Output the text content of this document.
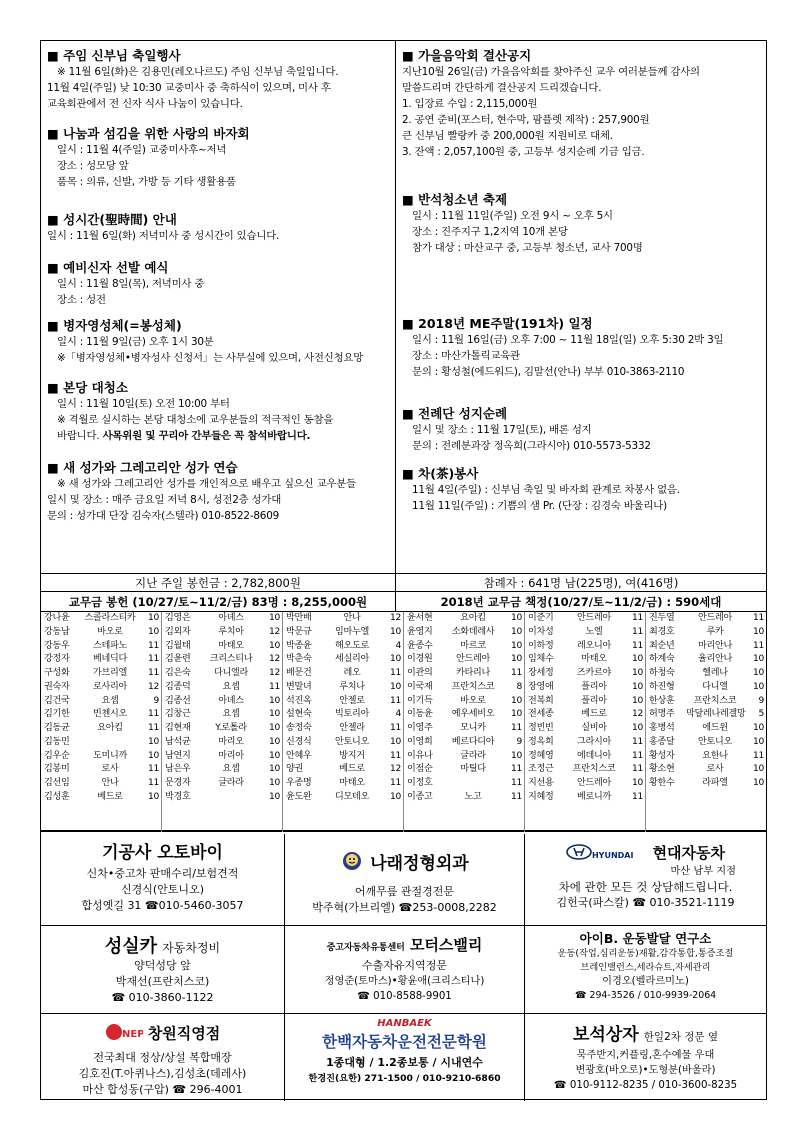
■ 주임 신부님 축일행사

※ 11월 6일(화)은 김용민(레오나르도) 주임 신부님 축일입니다.

11월 4일(주일) 낮 10:30 교중미사 중 축하식이 있으며, 미사 후

교육회관에서 전 신자 식사 나눔이 있습니다.

■ 나눔과 섬김을 위한 사랑의 바자회

일시 : 11월 4(주일) 교중미사후~저녁

장소 : 성모당 앞

품목 : 의류, 신발, 가방 등 기타 생활용품

■ 성시간(聖時間) 안내

일시 : 11월 6일(화) 저녁미사 중 성시간이 있습니다.

■ 예비신자 선발 예식

일시 : 11월 8일(목), 저녁미사 중

장소 : 성전

■ 병자영성체(=봉성체)

일시 : 11월 9일(금) 오후 1시 30분

※「병자영성체•병자성사 신청서」는 사무실에 있으며, 사전신청요망

■ 본당 대청소

일시 : 11월 10일(토) 오전 10:00 부터

※ 격월로 실시하는 본당 대청소에 교우분들의 적극적인 동참을

바랍니다. 사목위원 및 꾸리아 간부들은 꼭 참석바랍니다.

■ 새 성가와 그레고리안 성가 연습

※ 새 성가와 그레고리안 성가를 개인적으로 배우고 싶으신 교우분들

일시 및 장소 : 매주 금요일 저녁 8시, 성전2층 성가대

문의 : 성가대 단장 김숙자(스텔라) 010-8522-8609

■ 가을음악회 결산공지

지난10월 26일(금) 가을음악회를 찾아주신 교우 여러분들께 감사의

말씀드리며 간단하게 결산공지 드리겠습니다.

1. 입장료 수입 : 2,115,000원

2. 공연 준비(포스터, 현수막, 팜플렛 제작) : 257,900원

큰 신부님 빨랑카 중 200,000원 지원비로 대체.

3. 잔액 : 2,057,100원 중, 고등부 성지순례 기금 입금.

■ 반석청소년 축제

일시 : 11월 11일(주일) 오전 9시 ~ 오후 5시

장소 : 진주지구 1,2지역 10개 본당

참가 대상 : 마산교구 중, 고등부 청소년, 교사 700명

■ 2018년 ME주말(191차) 일정

일시 : 11월 16일(금) 오후 7:00 ~ 11월 18일(일) 오후 5:30 2박 3일

장소 : 마산가톨릭교육관

문의 : 황성철(에드워드), 김말선(안나) 부부 010-3863-2110

■ 전례단 성지순례

일시 및 장소 : 11월 17일(토), 배론 성지

문의 : 전례분과장 정옥희(그라시아) 010-5573-5332

■ 차(茶)봉사

11월 4일(주일) : 신부님 축일 및 바자회 관계로 차봉사 없음.

11월 11일(주일) : 기쁨의 샘 Pr. (단장 : 김경숙 바울리나)

지난 주일 봉헌금 : 2,782,800원	참례자 : 641명 남(225명), 여(416명)
교무금 봉헌 (10/27/토~11/2/금) 83명 : 8,255,000원	2018년 교무금 책정(10/27/토~11/2/금) : 590세대
강나윤	스콜라스티카	10
강동남	바오로	10
강동우	스테파노	11
강정자	베네딕다	11
구성화	가브리엘	11
권숙자	로사리아	12
김건국	요셉	9
김기한	빈첸시오	11
김동균	요아킴	11
김동민	10
김우순	도미니까	10
김봉미	로사	11
김선임	안나	11
김성훈	베드로	10
김영은	아녜스	10
김외자	루치아	12
김월태	마태오	10
김윤련	크리스티나	12
김은숙	다니엘라	12
김종덕	요셉	11
김종선	아녜스	10
김창근	요셉	10
김현재	Y.로톨라	10
남석균	마리오	10
남연지	마리아	10
남은우	요셉	10
문경자	글라라	10
박경호	10
박만배	안나	12
박문규	임마누엘	10
박종윤	해오도로	4
박춘숙	세실리아	10
배문건	레오	11
변말녀	루치나	10
석진옥	안젤로	11
설현숙	빅토리아	4
송정숙	안젤라	11
신경식	안토니오	10
안혜우	방지거	11
양권	베드로	12
우종명	마태오	11
윤도완	디모테오	10
윤서현	요아킴	10
윤영지	소화데레사	10
윤종수	마르코	10
이경원	안드레아	10
이관의	카타리나	11
이국재	프란치스코	8
이기득	바오로	10
이동윤	예우세비오	10
이영주	모니카	11
이영희	베르다디아	9
이유나	글라라	10
이점순	마틸다	11
이정호	11
이종고	노고	11
이준기	안드레아	11
이차성	노엘	11
이하정	레오니아	11
임채수	마태오	10
장세정	즈카르야	10
장영애	플리아	10
전복희	플리아	10
전세종	베드로	12
정빈빈	실비아	10
정옥희	그라시아	11
정혜영	에데니아	11
조정근	프란치스코	11
지선용	안드레아	10
지혜정	베로니까	11
진두열	안드레아	11
최경호	루카	10
최순년	마리안나	11
하계숙	율리안나	10
하청숙	헬레나	10
하진형	다니엘	10
한상훈	프란치스코	9
허명주 막달레나레겔망 5
홍병석	에드윈	10
홍종달	안토니오	10
황성자	요한나	11
황소현	로사	10
황한수	라파엘	10
기공사 오토바이
신차•중고차 판매수리/보험견적
신경식(안토니오)
합성옛길 31 ☎010-5460-3057
나래정형외과
어깨무릎 관절경전문
박주혁(가브리엘) ☎253-0008,2282
HYUNDAI 현대자동차
마산 남부 지점
차에 관한 모든 것 상담해드립니다.
김헌국(파스칼) ☎ 010-3521-1119
성실카 자동차정비
양덕성당 앞
박재선(프란치스코)
☎ 010-3860-1122
중고자동차유통센터 모터스밸리
수출자유지역정문
정영준(토마스)•황윤애(크리스티나)
☎ 010-8588-9901
아이B. 운동발달 연구소
운동(작업,심리운동)재활,감각통합,통증조절
브레인밸런스,세라슈트,자세관리
이경오(벨라르미노)
☎ 294-3526 / 010-9939-2064
NEP 창원직영점
전국최대 정상/상설 복합매장
김호진(T.아퀴나스),김성초(데레사)
마산 합성동(구압) ☎ 296-4001
HANBAEK
한백자동차운전전문학원
1종대형 / 1.2종보통 / 시내연수
한경진(요한) 271-1500 / 010-9210-6860
보석상자 한일2차 정문 옆
묵주반지,커플링,혼수예물 우대
변광호(바오로)•도형분(바울라)
☎ 010-9112-8235 / 010-3600-8235
